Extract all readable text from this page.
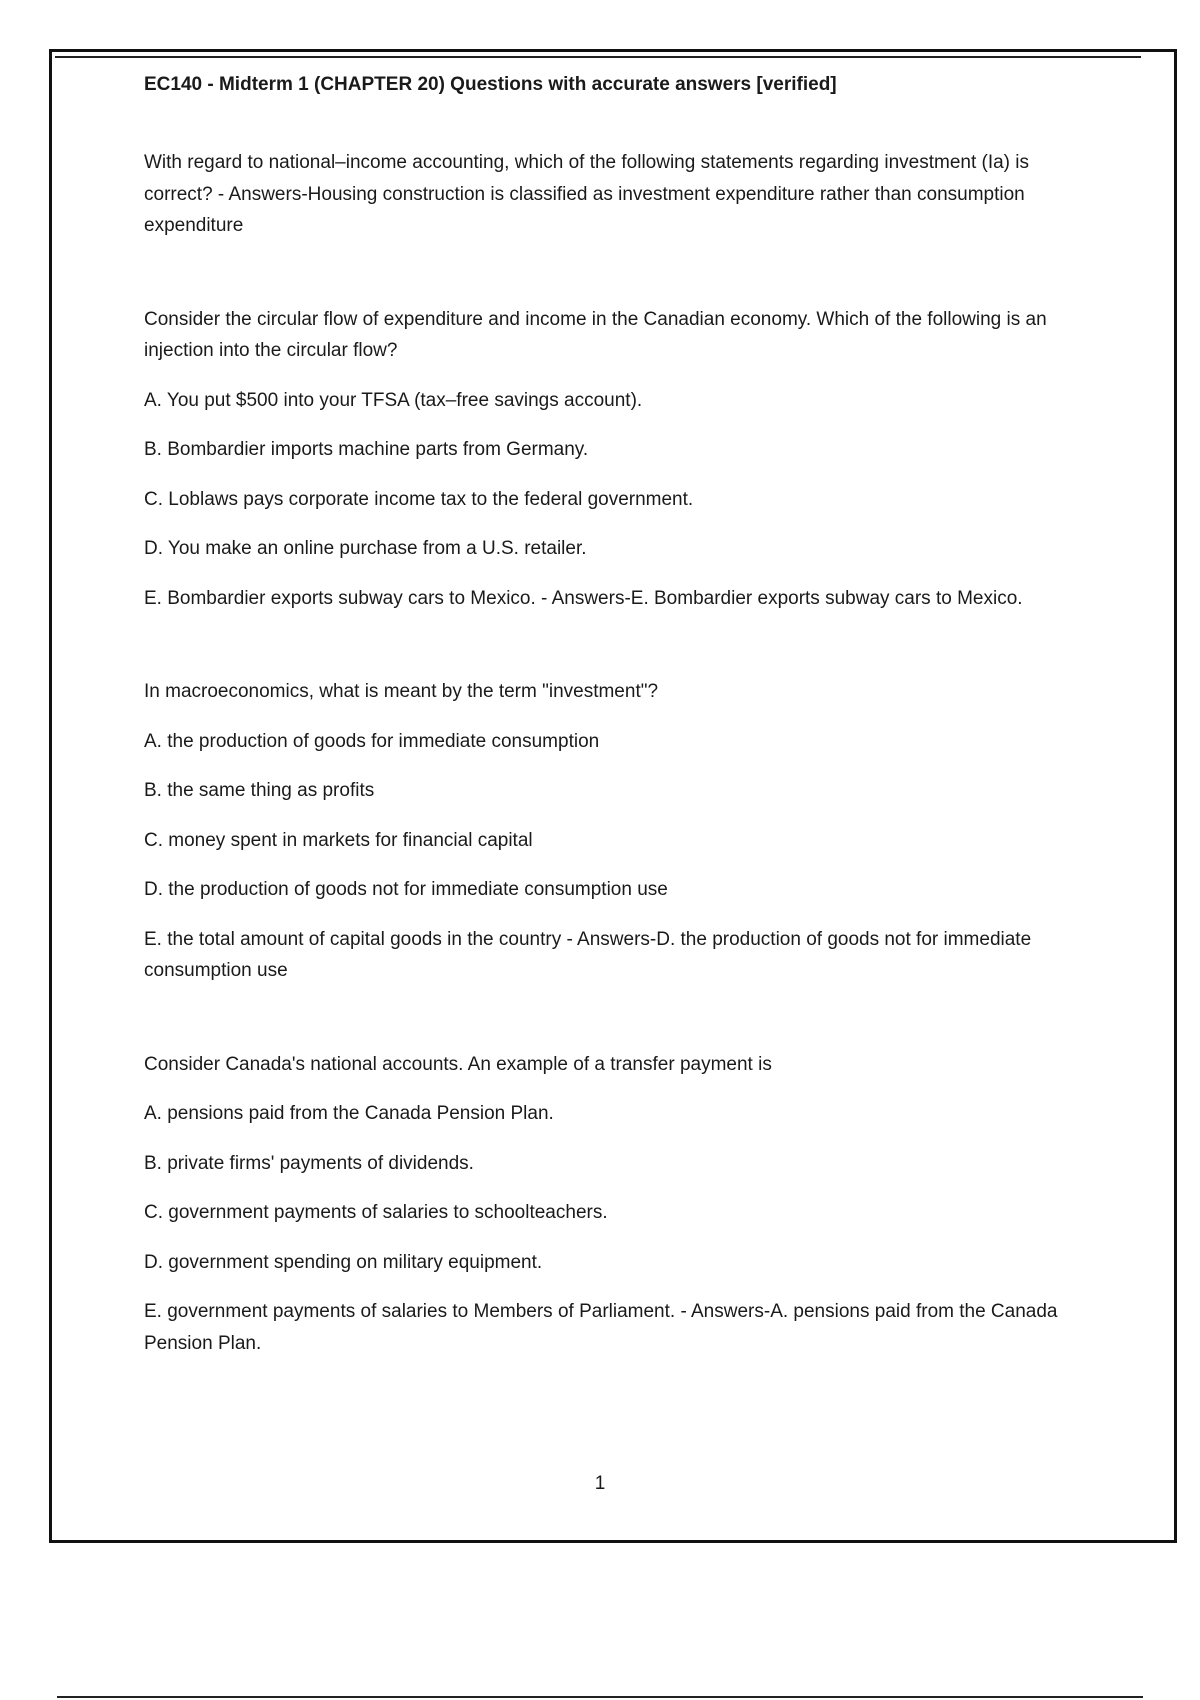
EC140 - Midterm 1 (CHAPTER 20) Questions with accurate answers [verified]

With regard to national–income accounting, which of the following statements regarding investment (Ia) is correct? - Answers-Housing construction is classified as investment expenditure rather than consumption expenditure

Consider the circular flow of expenditure and income in the Canadian economy. Which of the following is an injection into the circular flow?

A. You put $500 into your TFSA (tax–free savings account).

B. Bombardier imports machine parts from Germany.

C. Loblaws pays corporate income tax to the federal government.

D. You make an online purchase from a U.S. retailer.

E. Bombardier exports subway cars to Mexico. - Answers-E. Bombardier exports subway cars to Mexico.

In macroeconomics, what is meant by the term "investment"?

A. the production of goods for immediate consumption

B. the same thing as profits

C. money spent in markets for financial capital

D. the production of goods not for immediate consumption use

E. the total amount of capital goods in the country - Answers-D. the production of goods not for immediate consumption use

Consider Canada's national accounts. An example of a transfer payment is

A. pensions paid from the Canada Pension Plan.

B. private firms' payments of dividends.

C. government payments of salaries to schoolteachers.

D. government spending on military equipment.

E. government payments of salaries to Members of Parliament. - Answers-A. pensions paid from the Canada Pension Plan.

1
